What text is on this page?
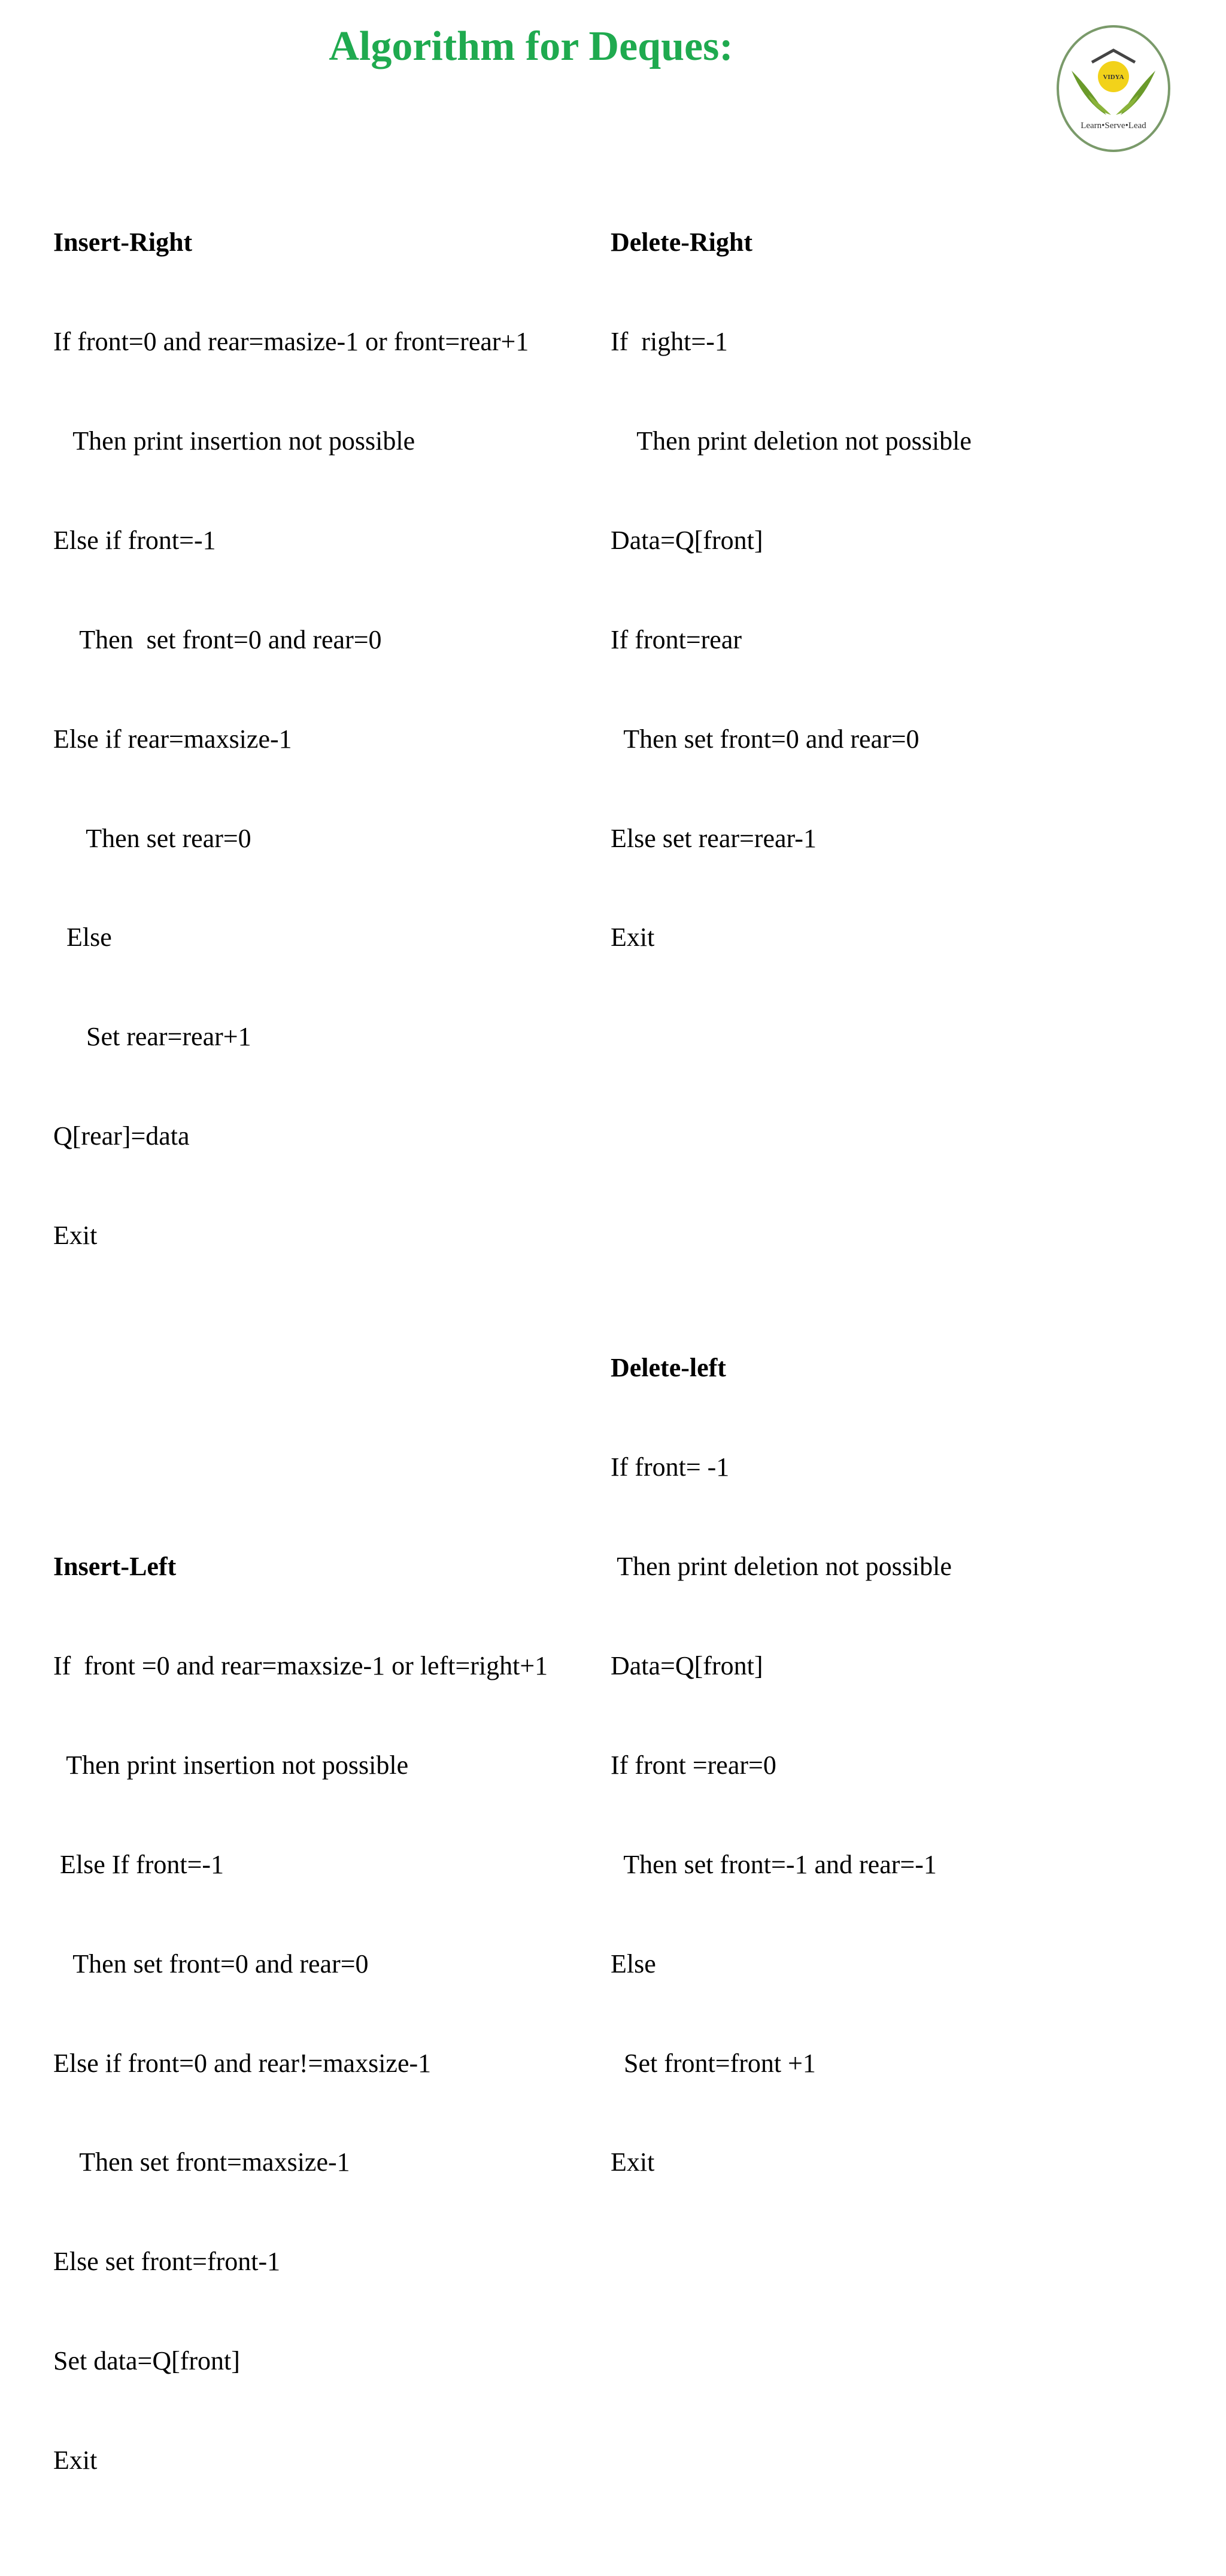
Algorithm for Deques:
VIDYA
Learn•Serve•Lead

Insert-Right

If front=0 and rear=masize-1 or front=rear+1

Then print insertion not possible

Else if front=-1

Then  set front=0 and rear=0

Else if rear=maxsize-1

Then set rear=0

Else

Set rear=rear+1

Q[rear]=data

Exit

Insert-Left

If  front =0 and rear=maxsize-1 or left=right+1

Then print insertion not possible

Else If front=-1

Then set front=0 and rear=0

Else if front=0 and rear!=maxsize-1

Then set front=maxsize-1

Else set front=front-1

Set data=Q[front]

Exit

Delete-Right

If  right=-1

Then print deletion not possible

Data=Q[front]

If front=rear

Then set front=0 and rear=0

Else set rear=rear-1

Exit

Delete-left

If front= -1

Then print deletion not possible

Data=Q[front]

If front =rear=0

Then set front=-1 and rear=-1

Else

Set front=front +1

Exit
